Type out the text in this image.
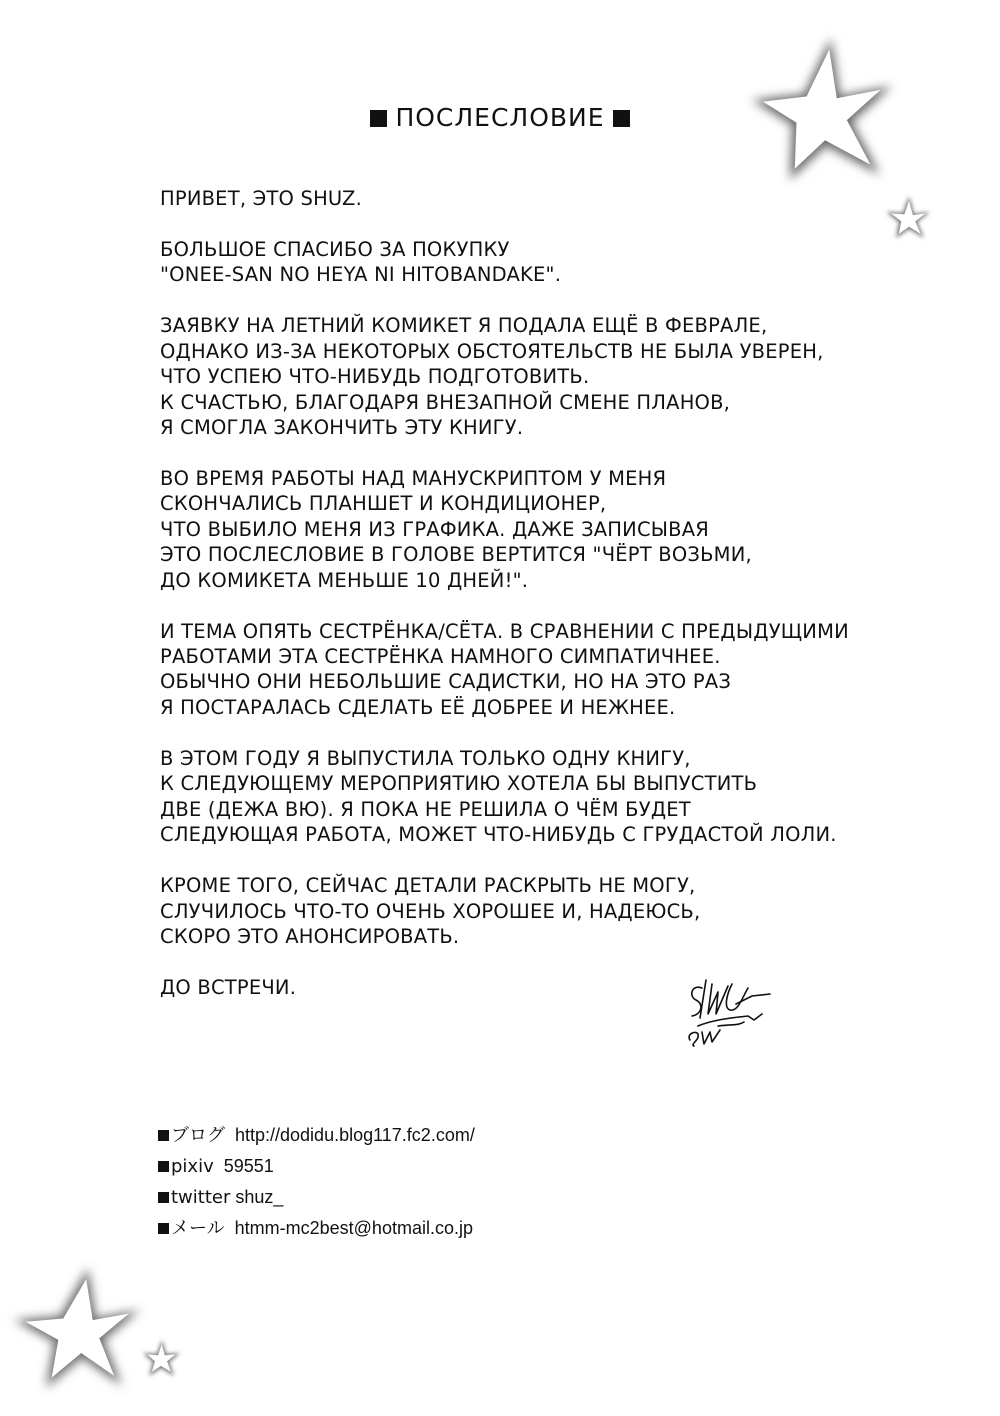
ПОСЛЕСЛОВИЕ
ПРИВЕТ, ЭТО SHUZ.
БОЛЬШОЕ СПАСИБО ЗА ПОКУПКУ
"ONEE-SAN NO HEYA NI HITOBANDAKE".
ЗАЯВКУ НА ЛЕТНИЙ КОМИКЕТ Я ПОДАЛА ЕЩЁ В ФЕВРАЛЕ,
ОДНАКО ИЗ-ЗА НЕКОТОРЫХ ОБСТОЯТЕЛЬСТВ НЕ БЫЛА УВЕРЕН,
ЧТО УСПЕЮ ЧТО-НИБУДЬ ПОДГОТОВИТЬ.
К СЧАСТЬЮ, БЛАГОДАРЯ ВНЕЗАПНОЙ СМЕНЕ ПЛАНОВ,
Я СМОГЛА ЗАКОНЧИТЬ ЭТУ КНИГУ.
ВО ВРЕМЯ РАБОТЫ НАД МАНУСКРИПТОМ У МЕНЯ
СКОНЧАЛИСЬ ПЛАНШЕТ И КОНДИЦИОНЕР,
ЧТО ВЫБИЛО МЕНЯ ИЗ ГРАФИКА. ДАЖЕ ЗАПИСЫВАЯ
ЭТО ПОСЛЕСЛОВИЕ В ГОЛОВЕ ВЕРТИТСЯ "ЧЁРТ ВОЗЬМИ,
ДО КОМИКЕТА МЕНЬШЕ 10 ДНЕЙ!".
И ТЕМА ОПЯТЬ СЕСТРЁНКА/СЁТА. В СРАВНЕНИИ С ПРЕДЫДУЩИМИ
РАБОТАМИ ЭТА СЕСТРЁНКА НАМНОГО СИМПАТИЧНЕЕ.
ОБЫЧНО ОНИ НЕБОЛЬШИЕ САДИСТКИ, НО НА ЭТО РАЗ
Я ПОСТАРАЛАСЬ СДЕЛАТЬ ЕЁ ДОБРЕЕ И НЕЖНЕЕ.
В ЭТОМ ГОДУ Я ВЫПУСТИЛА ТОЛЬКО ОДНУ КНИГУ,
К СЛЕДУЮЩЕМУ МЕРОПРИЯТИЮ ХОТЕЛА БЫ ВЫПУСТИТЬ
ДВЕ (ДЕЖА ВЮ). Я ПОКА НЕ РЕШИЛА О ЧЁМ БУДЕТ
СЛЕДУЮЩАЯ РАБОТА, МОЖЕТ ЧТО-НИБУДЬ С ГРУДАСТОЙ ЛОЛИ.
КРОМЕ ТОГО, СЕЙЧАС ДЕТАЛИ РАСКРЫТЬ НЕ МОГУ,
СЛУЧИЛОСЬ ЧТО-ТО ОЧЕНЬ ХОРОШЕЕ И, НАДЕЮСЬ,
СКОРО ЭТО АНОНСИРОВАТЬ.
ДО ВСТРЕЧИ.
ブログ http://dodidu.blog117.fc2.com/
pixiv 59551
twitter shuz_
メール htmm-mc2best@hotmail.co.jp
